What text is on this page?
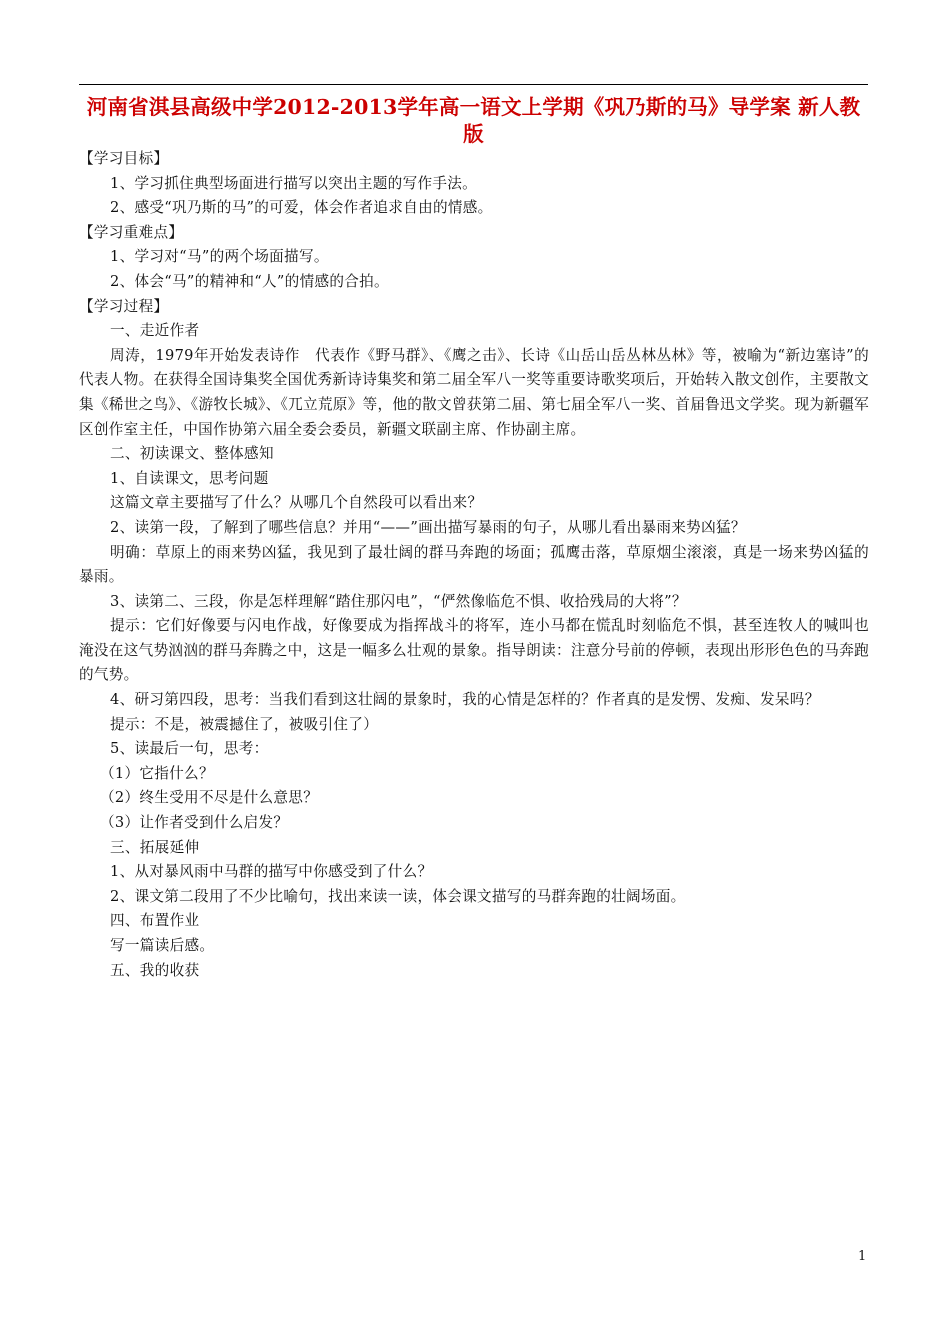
河南省淇县高级中学2012-2013学年高一语文上学期《巩乃斯的马》导学案 新人教版

【学习目标】

1、学习抓住典型场面进行描写以突出主题的写作手法。

2、感受“巩乃斯的马”的可爱，体会作者追求自由的情感。

【学习重难点】

1、学习对“马”的两个场面描写。

2、体会“马”的精神和“人”的情感的合拍。

【学习过程】

一、走近作者

周涛，1979年开始发表诗作　代表作《野马群》、《鹰之击》、长诗《山岳山岳丛林丛林》等，被喻为“新边塞诗”的代表人物。在获得全国诗集奖全国优秀新诗诗集奖和第二届全军八一奖等重要诗歌奖项后，开始转入散文创作，主要散文集《稀世之鸟》、《游牧长城》、《兀立荒原》等，他的散文曾获第二届、第七届全军八一奖、首届鲁迅文学奖。现为新疆军区创作室主任，中国作协第六届全委会委员，新疆文联副主席、作协副主席。

二、初读课文、整体感知

1、自读课文，思考问题

这篇文章主要描写了什么？从哪几个自然段可以看出来？

2、读第一段，了解到了哪些信息？并用“——”画出描写暴雨的句子，从哪儿看出暴雨来势凶猛？

明确：草原上的雨来势凶猛，我见到了最壮阔的群马奔跑的场面；孤鹰击落，草原烟尘滚滚，真是一场来势凶猛的暴雨。

3、读第二、三段，你是怎样理解“踏住那闪电”，“俨然像临危不惧、收拾残局的大将”？

提示：它们好像要与闪电作战，好像要成为指挥战斗的将军，连小马都在慌乱时刻临危不惧，甚至连牧人的喊叫也淹没在这气势汹汹的群马奔腾之中，这是一幅多么壮观的景象。指导朗读：注意分号前的停顿，表现出形形色色的马奔跑的气势。

4、研习第四段，思考：当我们看到这壮阔的景象时，我的心情是怎样的？作者真的是发愣、发痴、发呆吗？

提示：不是，被震撼住了，被吸引住了）

5、读最后一句，思考：

（1）它指什么？

（2）终生受用不尽是什么意思？

（3）让作者受到什么启发？

三、拓展延伸

1、从对暴风雨中马群的描写中你感受到了什么？

2、课文第二段用了不少比喻句，找出来读一读，体会课文描写的马群奔跑的壮阔场面。

四、布置作业

写一篇读后感。

五、我的收获

1
